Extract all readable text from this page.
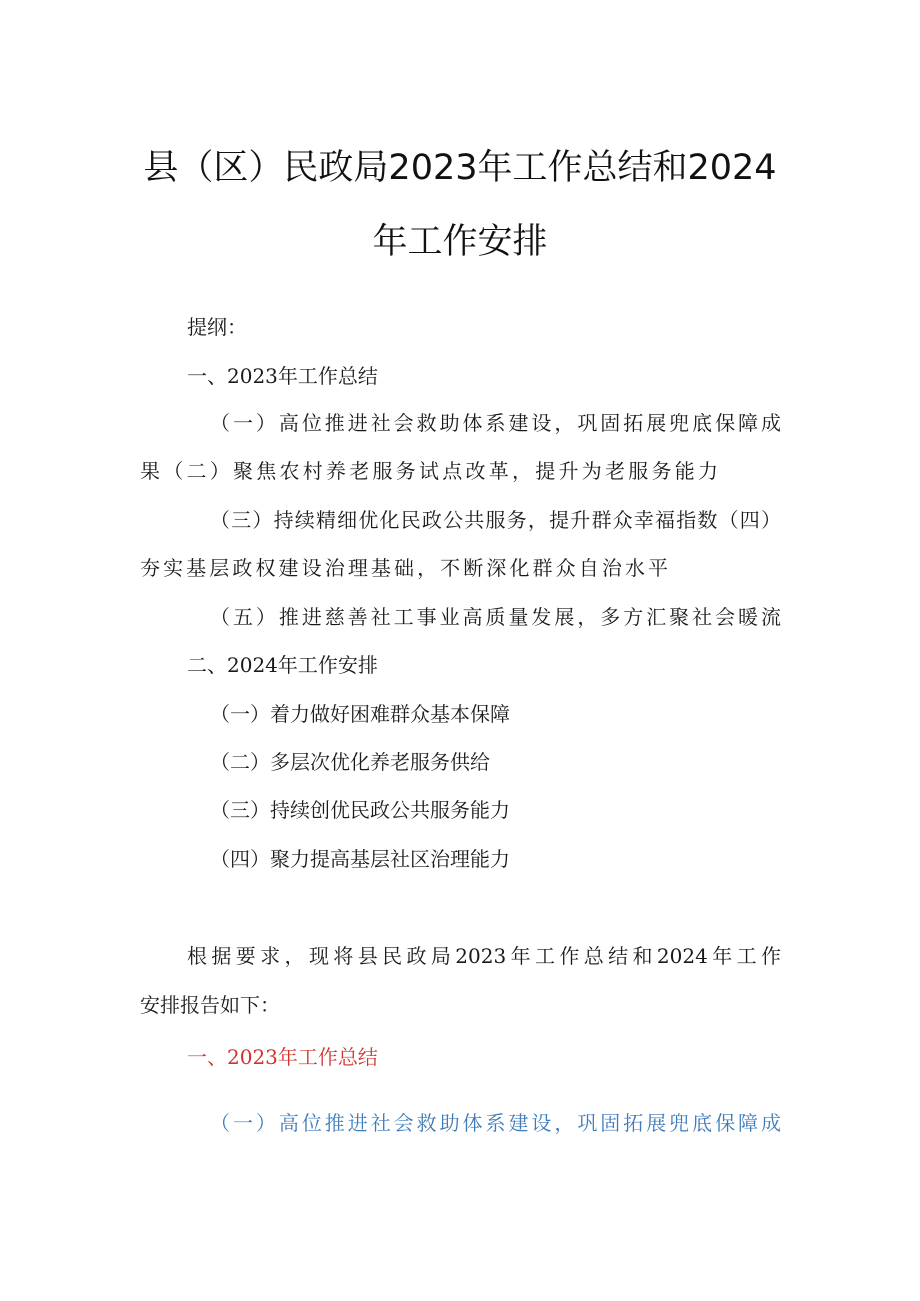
县（区）民政局2023年工作总结和2024
年工作安排
提纲：
一、2023年工作总结
（一）高位推进社会救助体系建设，巩固拓展兜底保障成
果（二）聚焦农村养老服务试点改革，提升为老服务能力
（三）持续精细优化民政公共服务，提升群众幸福指数（四）
夯实基层政权建设治理基础，不断深化群众自治水平
（五）推进慈善社工事业高质量发展，多方汇聚社会暖流
二、2024年工作安排
（一）着力做好困难群众基本保障
（二）多层次优化养老服务供给
（三）持续创优民政公共服务能力
（四）聚力提高基层社区治理能力
根据要求，现将县民政局2023年工作总结和2024年工作
安排报告如下：
一、2023年工作总结
（一）高位推进社会救助体系建设，巩固拓展兜底保障成
